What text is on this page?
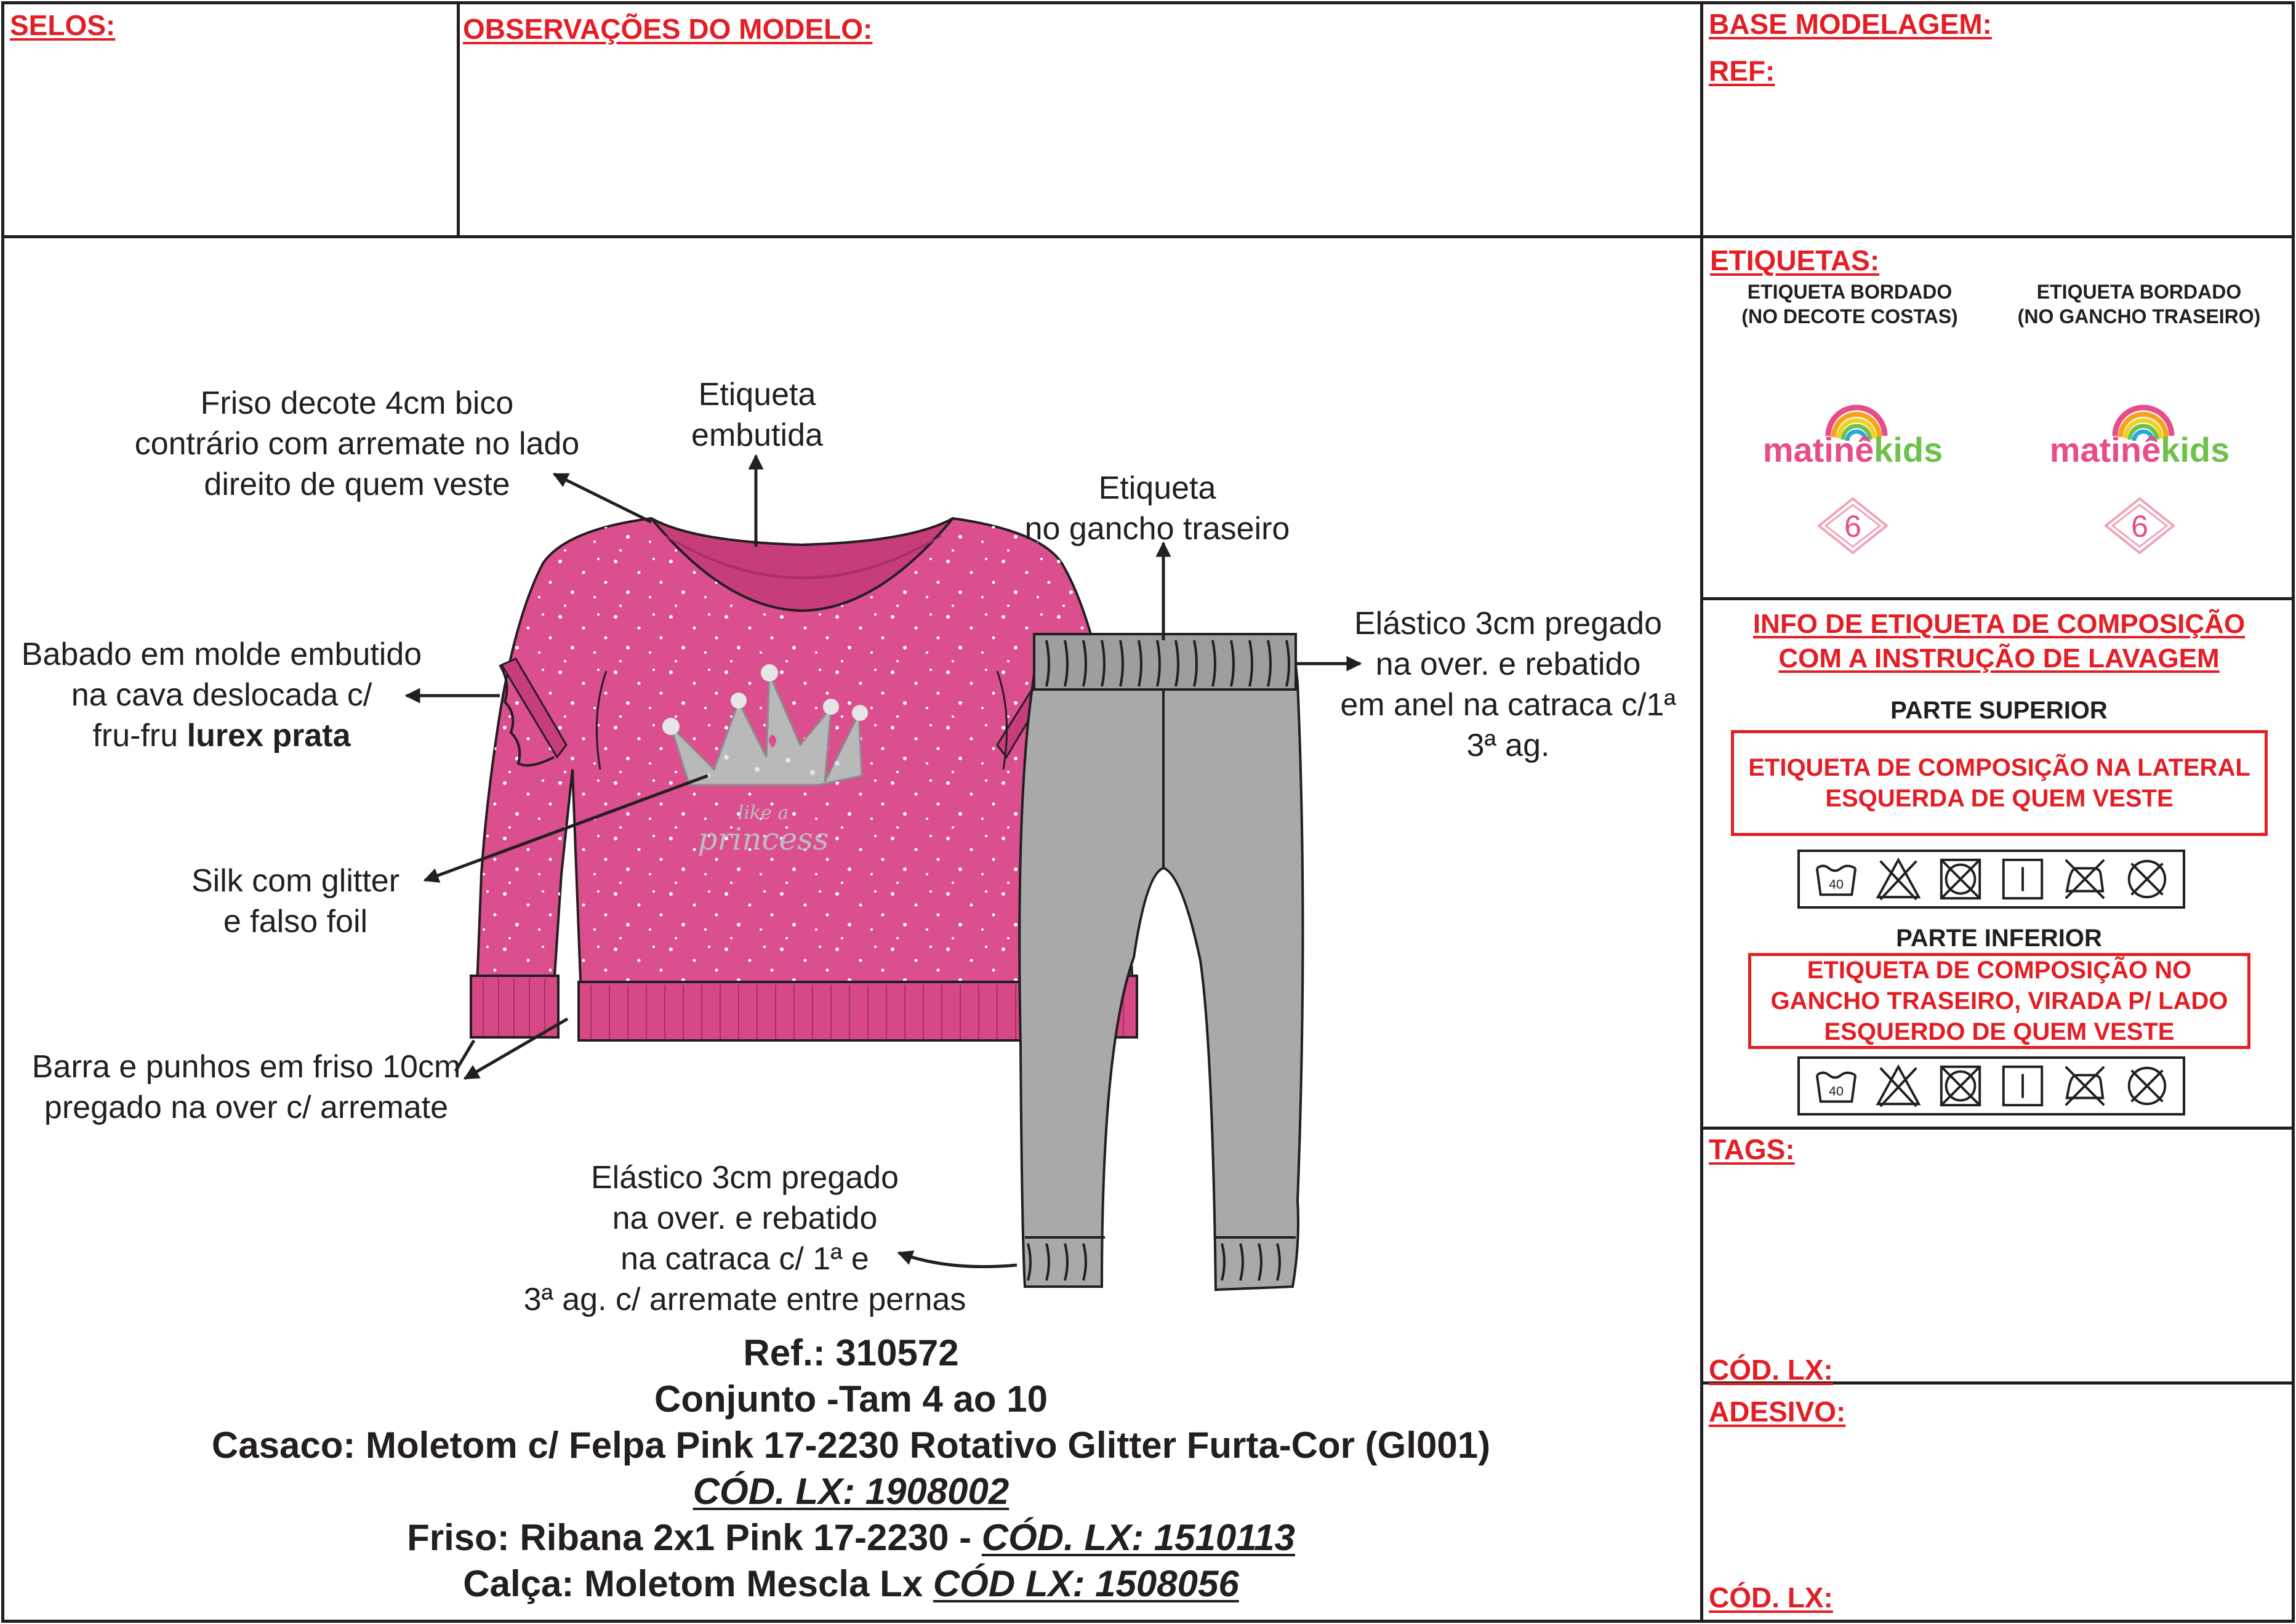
SELOS:	OBSERVAÇÕES DO MODELO:	BASE MODELAGEM:
REF:
ETIQUETAS:
ETIQUETA BORDADO
(NO DECOTE COSTAS)
ETIQUETA BORDADO
(NO GANCHO TRASEIRO)
matinêkids
6
matinêkids
6
INFO DE ETIQUETA DE COMPOSIÇÃO
COM A INSTRUÇÃO DE LAVAGEM
PARTE SUPERIOR
ETIQUETA DE COMPOSIÇÃO NA LATERAL ESQUERDA DE QUEM VESTE
40
PARTE INFERIOR
ETIQUETA DE COMPOSIÇÃO NO GANCHO TRASEIRO, VIRADA P/ LADO ESQUERDO DE QUEM VESTE
40
TAGS:
CÓD. LX:
ADESIVO:
CÓD. LX:
like a
princess
Friso decote 4cm bico
contrário com arremate no lado
direito de quem veste
Etiqueta
embutida
Etiqueta
no gancho traseiro
Elástico 3cm pregado
na over. e rebatido
em anel na catraca c/1ª
3ª ag.
Babado em molde embutido
na cava deslocada c/
fru-fru lurex prata
Silk com glitter
e falso foil
Barra e punhos em friso 10cm
pregado na over c/ arremate
Elástico 3cm pregado
na over. e rebatido
na catraca c/ 1ª e
3ª ag. c/ arremate entre pernas
Ref.: 310572
Conjunto -Tam 4 ao 10
Casaco: Moletom c/ Felpa Pink 17-2230 Rotativo Glitter Furta-Cor (Gl001)
CÓD. LX: 1908002
Friso: Ribana 2x1 Pink 17-2230 - CÓD. LX: 1510113
Calça: Moletom Mescla Lx CÓD LX: 1508056
